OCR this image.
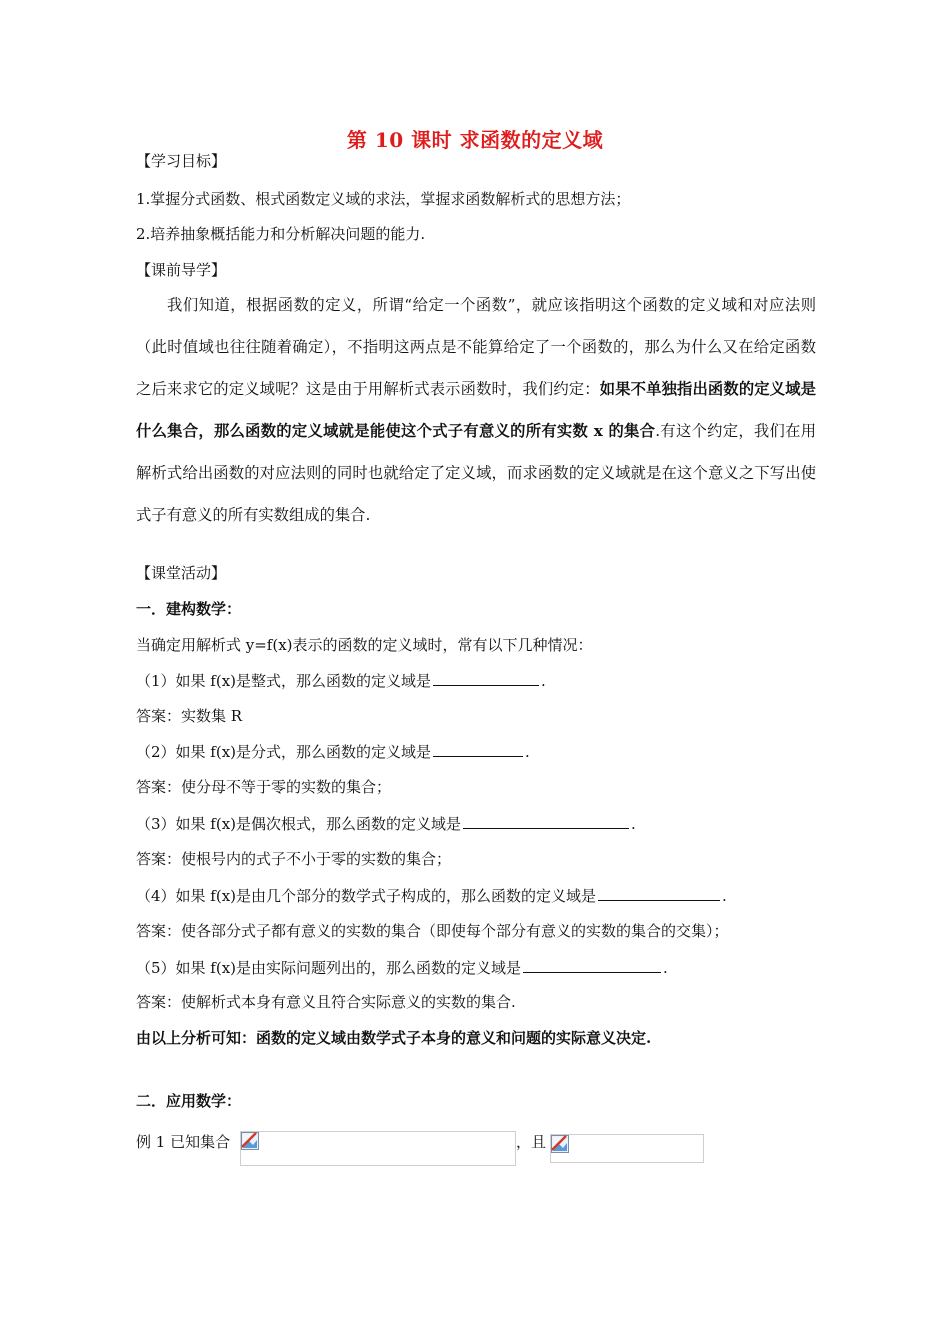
第 10 课时 求函数的定义域
【学习目标】
1.掌握分式函数、根式函数定义域的求法，掌握求函数解析式的思想方法；
2.培养抽象概括能力和分析解决问题的能力.
【课前导学】
我们知道，根据函数的定义，所谓“给定一个函数”，就应该指明这个函数的定义域和对应法则（此时值域也往往随着确定），不指明这两点是不能算给定了一个函数的，那么为什么又在给定函数之后来求它的定义域呢？这是由于用解析式表示函数时，我们约定：如果不单独指出函数的定义域是什么集合，那么函数的定义域就是能使这个式子有意义的所有实数 x 的集合.有这个约定，我们在用解析式给出函数的对应法则的同时也就给定了定义域，而求函数的定义域就是在这个意义之下写出使式子有意义的所有实数组成的集合.
【课堂活动】
一．建构数学：
当确定用解析式 y=f(x)表示的函数的定义域时，常有以下几种情况：
（1）如果 f(x)是整式，那么函数的定义域是	.
答案：实数集 R
（2）如果 f(x)是分式，那么函数的定义域是	.
答案：使分母不等于零的实数的集合；
（3）如果 f(x)是偶次根式，那么函数的定义域是	.
答案：使根号内的式子不小于零的实数的集合；
（4）如果 f(x)是由几个部分的数学式子构成的，那么函数的定义域是	.
答案：使各部分式子都有意义的实数的集合（即使每个部分有意义的实数的集合的交集）；
（5）如果 f(x)是由实际问题列出的，那么函数的定义域是	.
答案：使解析式本身有意义且符合实际意义的实数的集合.
由以上分析可知：函数的定义域由数学式子本身的意义和问题的实际意义决定.
二．应用数学：
例 1 已知集合	，且
